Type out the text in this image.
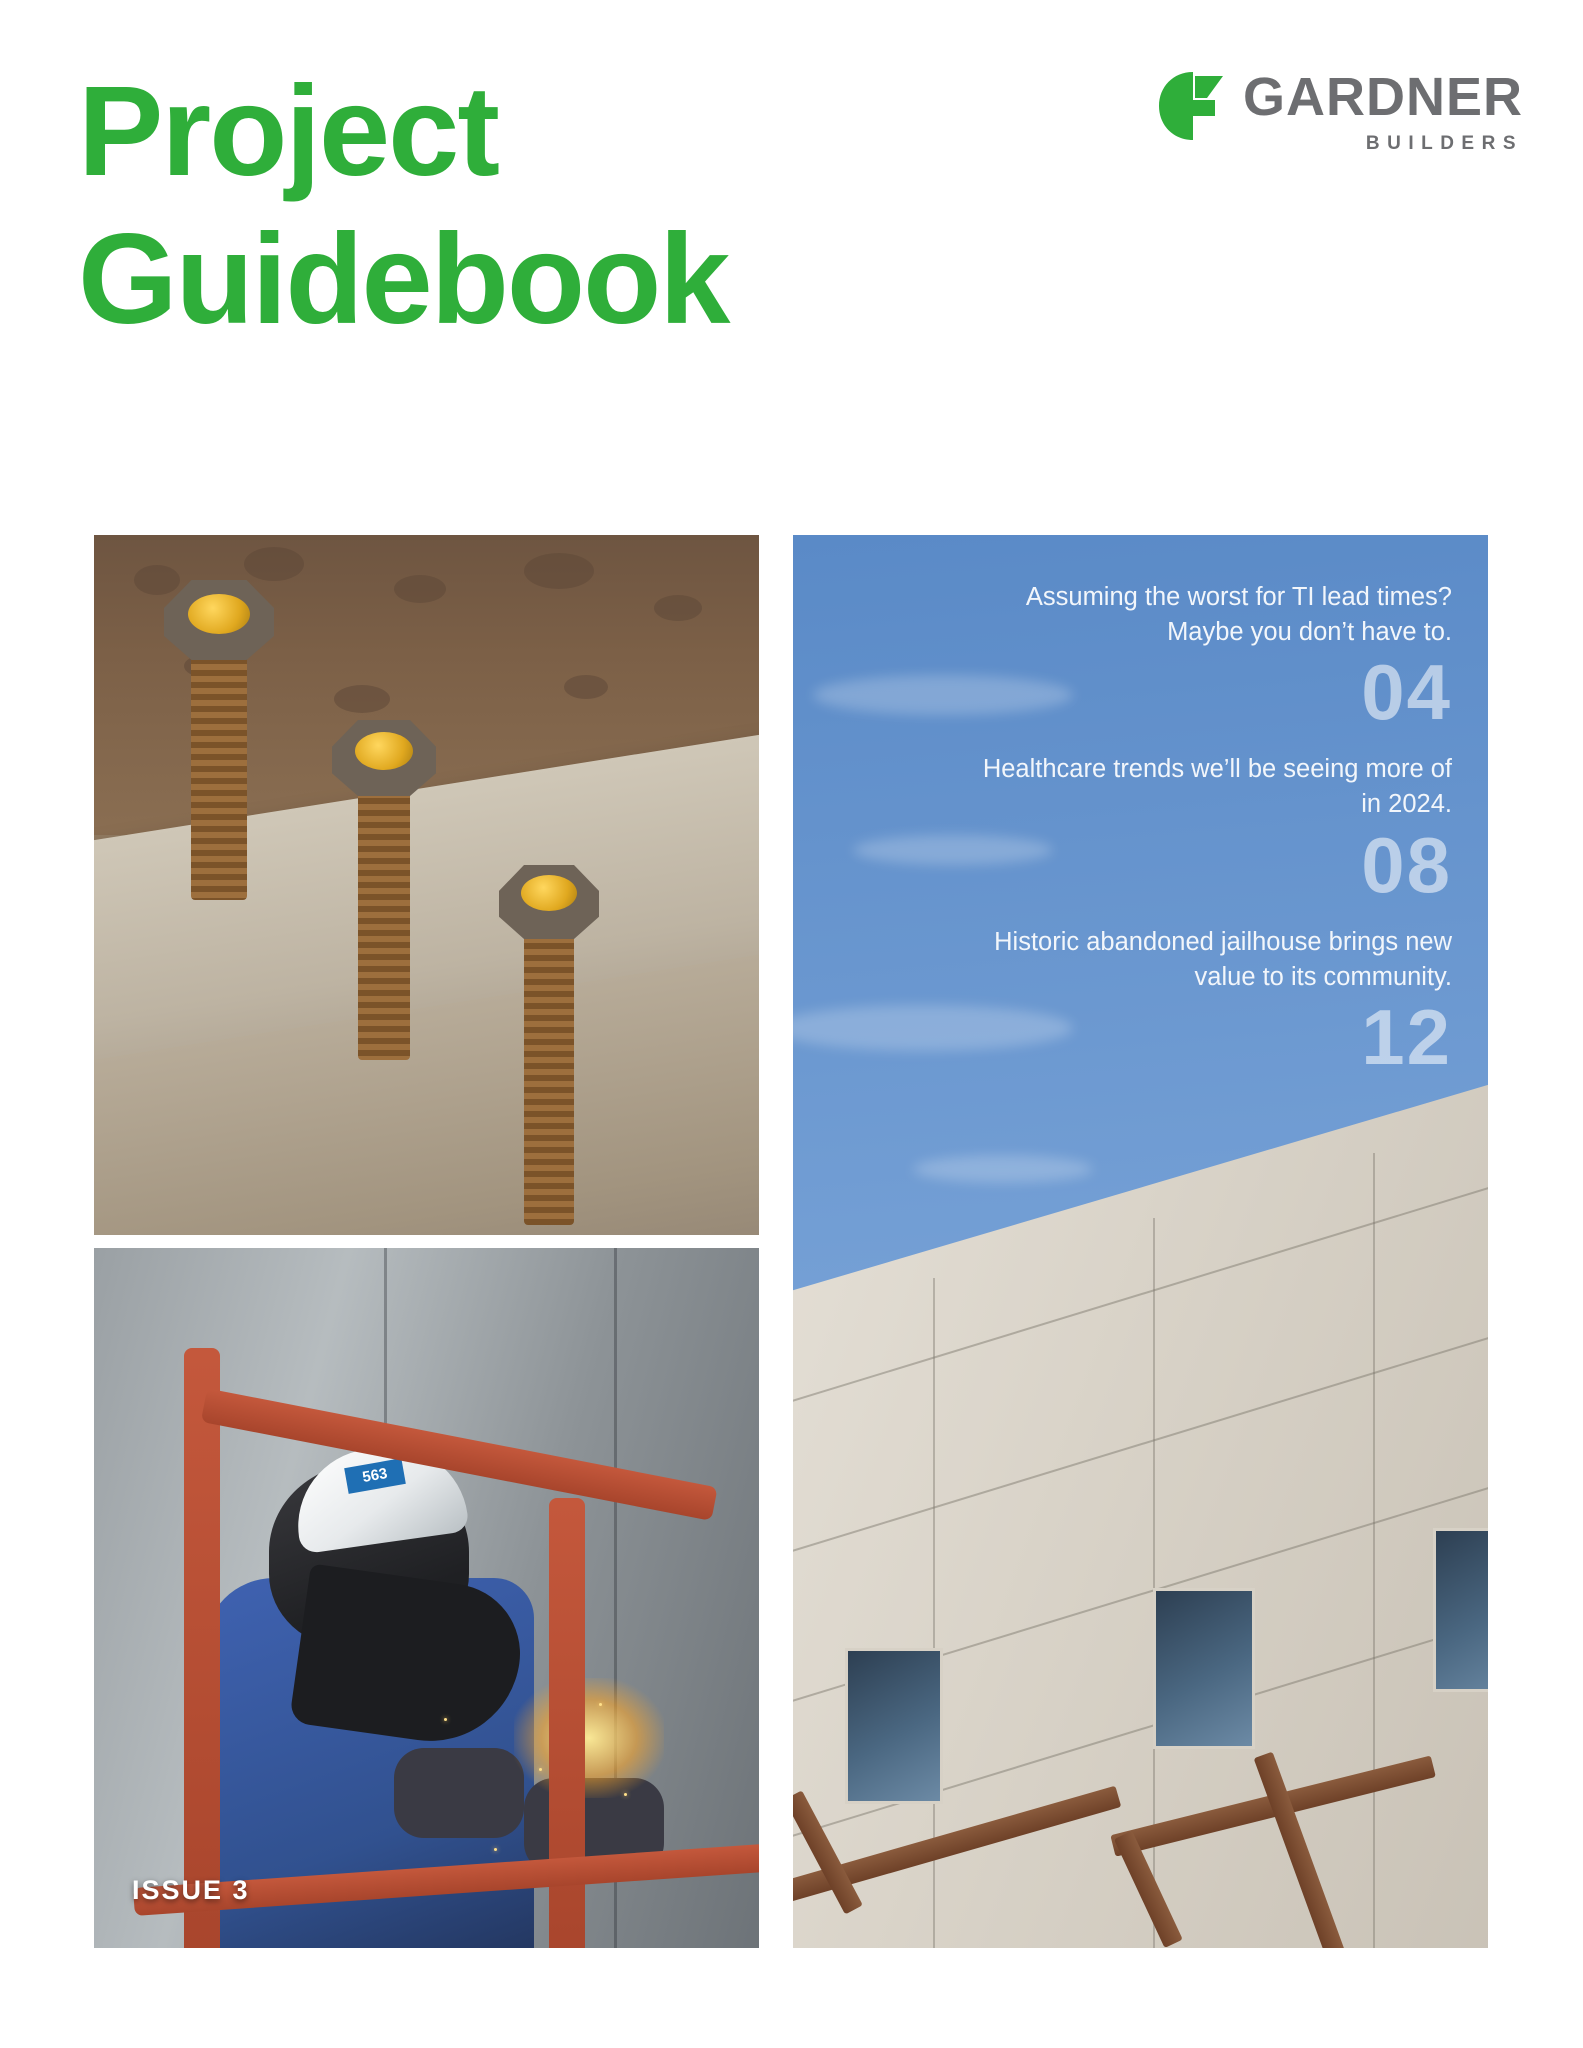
Project
Guidebook
GARDNER
BUILDERS
563
ISSUE 3
Assuming the worst for TI lead times? Maybe you don’t have to.
04
Healthcare trends we’ll be seeing more of in 2024.
08
Historic abandoned jailhouse brings new value to its community.
12
